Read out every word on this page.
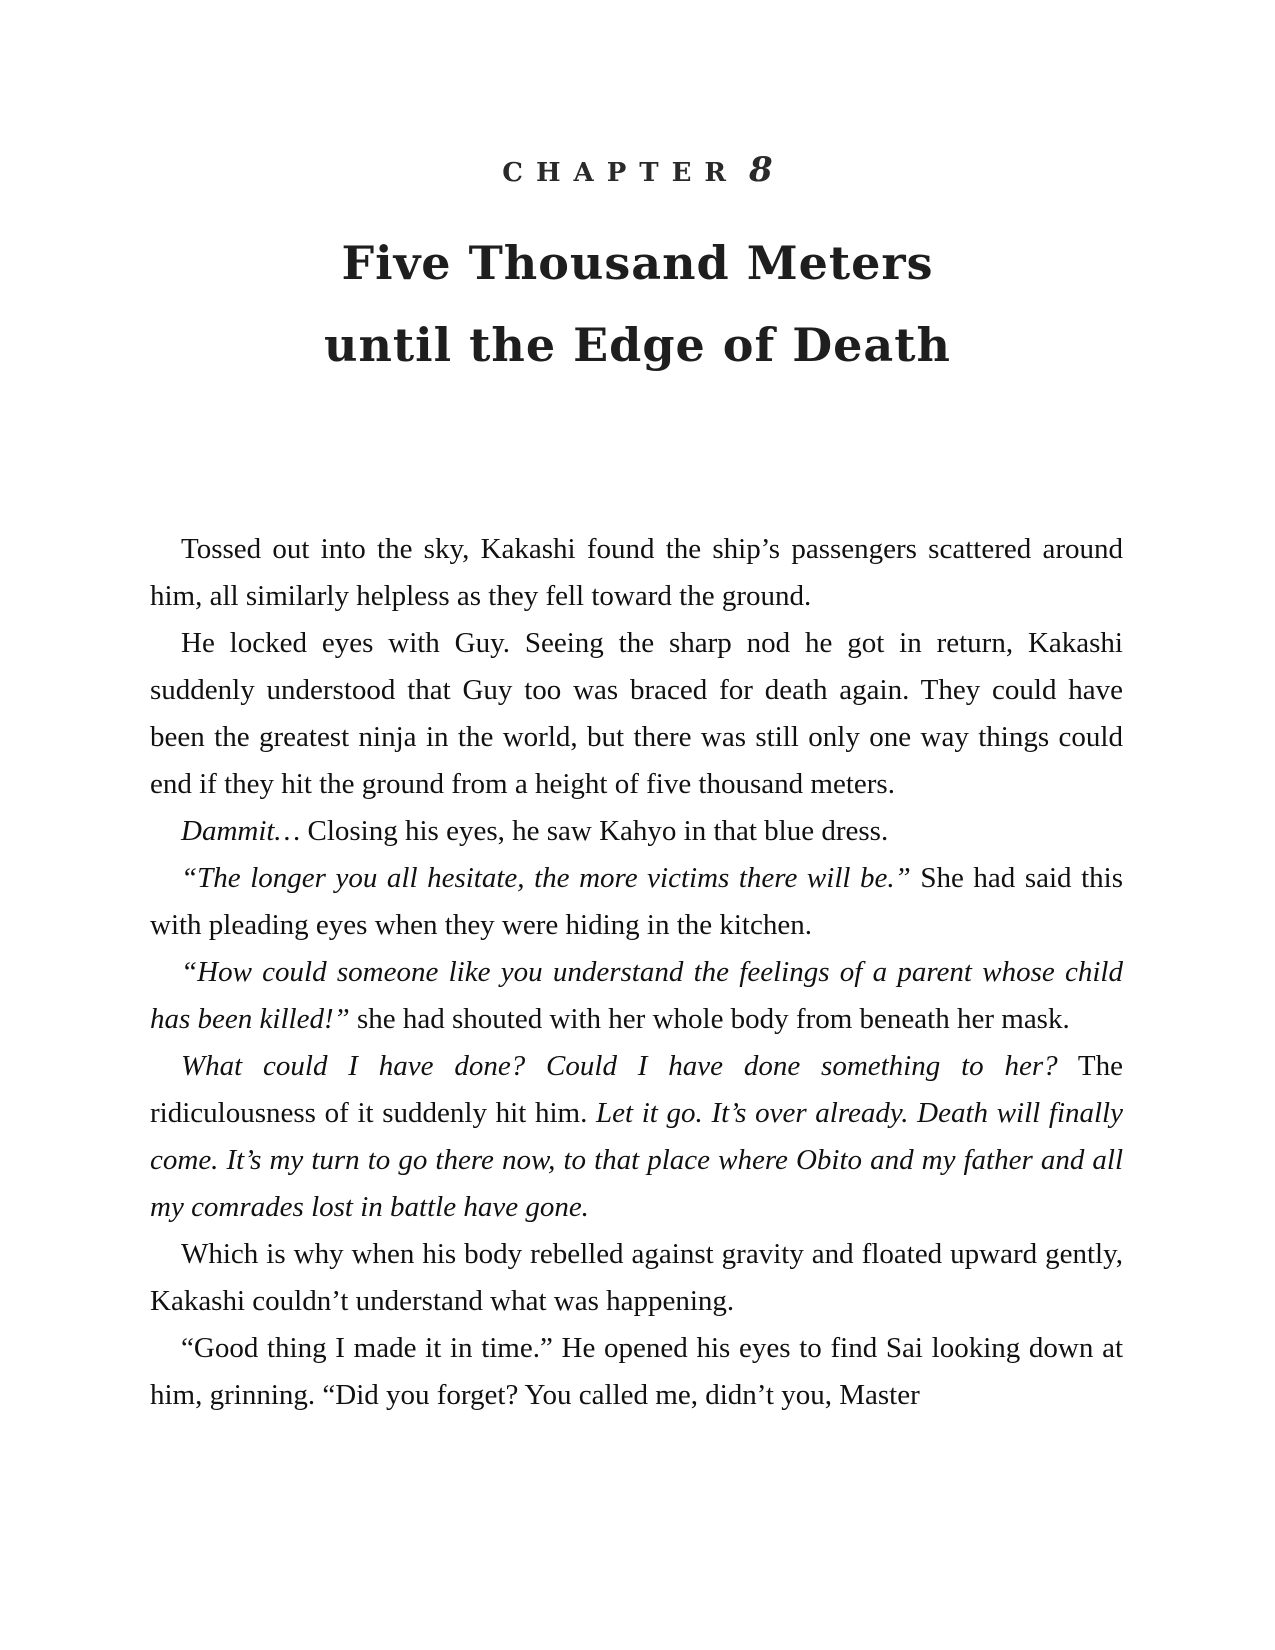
CHAPTER 8
Five Thousand Meters
until the Edge of Death

Tossed out into the sky, Kakashi found the ship’s passengers scattered around him, all similarly helpless as they fell toward the ground.

He locked eyes with Guy. Seeing the sharp nod he got in return, Kakashi suddenly understood that Guy too was braced for death again. They could have been the greatest ninja in the world, but there was still only one way things could end if they hit the ground from a height of five thousand meters.

Dammit… Closing his eyes, he saw Kahyo in that blue dress.

“The longer you all hesitate, the more victims there will be.” She had said this with pleading eyes when they were hiding in the kitchen.

“How could someone like you understand the feelings of a parent whose child has been killed!” she had shouted with her whole body from beneath her mask.

What could I have done? Could I have done something to her? The ridiculousness of it suddenly hit him. Let it go. It’s over already. Death will finally come. It’s my turn to go there now, to that place where Obito and my father and all my comrades lost in battle have gone.

Which is why when his body rebelled against gravity and floated upward gently, Kakashi couldn’t understand what was happening.

“Good thing I made it in time.” He opened his eyes to find Sai looking down at him, grinning. “Did you forget? You called me, didn’t you, Master
